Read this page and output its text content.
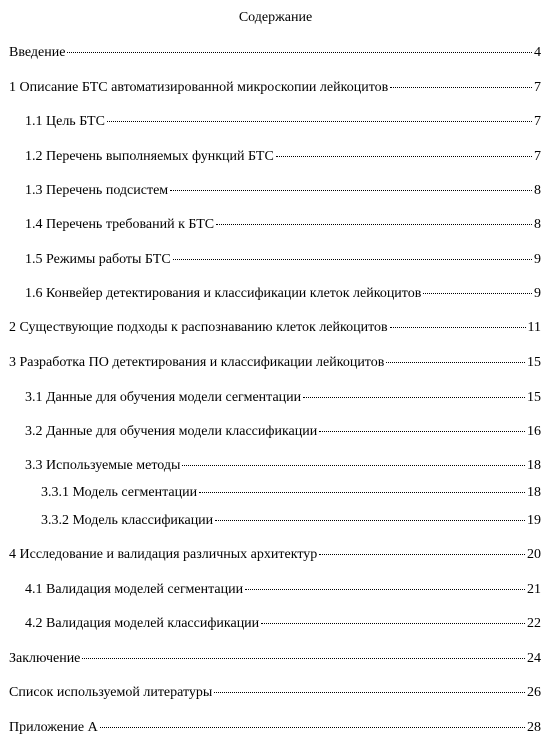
Содержание
Введение	4
1 Описание БТС автоматизированной микроскопии лейкоцитов	7
1.1 Цель БТС	7
1.2 Перечень выполняемых функций БТС	7
1.3 Перечень подсистем	8
1.4 Перечень требований к БТС	8
1.5 Режимы работы БТС	9
1.6 Конвейер детектирования и классификации клеток лейкоцитов	9
2 Существующие подходы к распознаванию клеток лейкоцитов	11
3 Разработка ПО детектирования и классификации лейкоцитов	15
3.1 Данные для обучения модели сегментации	15
3.2 Данные для обучения модели классификации	16
3.3 Используемые методы	18
3.3.1 Модель сегментации	18
3.3.2 Модель классификации	19
4 Исследование и валидация различных архитектур	20
4.1 Валидация моделей сегментации	21
4.2 Валидация моделей классификации	22
Заключение	24
Список используемой литературы	26
Приложение А	28
